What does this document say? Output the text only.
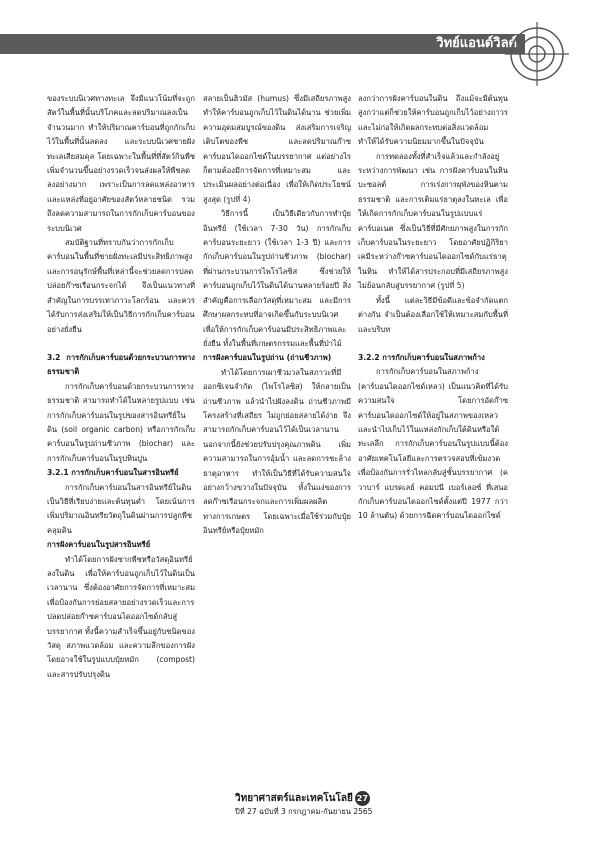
วิทย์แอนด์วิลด์

ของระบบนิเวศทางทะเล จึงมีแนวโน้มที่จะถูกสัตว์ในพื้นที่นั้นบริโภคและลดปริมาณลงเป็นจำนวนมาก ทำให้ปริมาณคาร์บอนที่ถูกกักเก็บไว้ในพื้นที่นั้นลดลง และระบบนิเวศชายฝั่งทะเลเสียสมดุล โดยเฉพาะในพื้นที่ที่สัตว์กินพืชเพิ่มจำนวนขึ้นอย่างรวดเร็วจนส่งผลให้พืชลดลงอย่างมาก เพราะเป็นการลดแหล่งอาหารและแหล่งที่อยู่อาศัยของสัตว์หลายชนิด รวมถึงลดความสามารถในการกักเก็บคาร์บอนของระบบนิเวศ

สมบัติฐานที่ทราบกันว่าการกักเก็บคาร์บอนในพื้นที่ชายฝั่งทะเลมีประสิทธิภาพสูง และการอนุรักษ์พื้นที่เหล่านี้จะช่วยลดการปลดปล่อยก๊าซเรือนกระจกได้ จึงเป็นแนวทางที่สำคัญในการบรรเทาภาวะโลกร้อน และควรได้รับการส่งเสริมให้เป็นวิธีการกักเก็บคาร์บอนอย่างยั่งยืน

3.2 การกักเก็บคาร์บอนด้วยกระบวนการทางธรรมชาติ

การกักเก็บคาร์บอนด้วยกระบวนการทางธรรมชาติ สามารถทำได้ในหลายรูปแบบ เช่น การกักเก็บคาร์บอนในรูปของสารอินทรีย์ในดิน (soil organic carbon) หรือการกักเก็บคาร์บอนในรูปถ่านชีวภาพ (biochar) และการกักเก็บคาร์บอนในรูปหินปูน

3.2.1 การกักเก็บคาร์บอนในสารอินทรีย์

การกักเก็บคาร์บอนในสารอินทรีย์ในดิน เป็นวิธีที่เรียบง่ายและต้นทุนต่ำ โดยเน้นการเพิ่มปริมาณอินทรียวัตถุในดินผ่านการปลูกพืชคลุมดิน

การฝังคาร์บอนในรูปสารอินทรีย์

ทำได้โดยการฝังซากพืชหรือวัสดุอินทรีย์ลงในดิน เพื่อให้คาร์บอนถูกเก็บไว้ในดินเป็นเวลานาน ซึ่งต้องอาศัยการจัดการที่เหมาะสมเพื่อป้องกันการย่อยสลายอย่างรวดเร็วและการปลดปล่อยก๊าซคาร์บอนไดออกไซด์กลับสู่บรรยากาศ ทั้งนี้ความสำเร็จขึ้นอยู่กับชนิดของวัสดุ สภาพแวดล้อม และความลึกของการฝัง โดยอาจใช้ในรูปแบบปุ๋ยหมัก (compost) และสารปรับปรุงดิน

สลายเป็นฮิวมัส (humus) ซึ่งมีเสถียรภาพสูง ทำให้คาร์บอนถูกเก็บไว้ในดินได้นาน ช่วยเพิ่มความอุดมสมบูรณ์ของดิน ส่งเสริมการเจริญเติบโตของพืช และลดปริมาณก๊าซคาร์บอนไดออกไซด์ในบรรยากาศ แต่อย่างไรก็ตามต้องมีการจัดการที่เหมาะสม และประเมินผลอย่างต่อเนื่อง เพื่อให้เกิดประโยชน์สูงสุด (รูปที่ 4)

วิธีการนี้ เป็นวิธีเดียวกับการทำปุ๋ยอินทรีย์ (ใช้เวลา 7-30 วัน) การกักเก็บคาร์บอนระยะยาว (ใช้เวลา 1-3 ปี) และการกักเก็บคาร์บอนในรูปถ่านชีวภาพ (biochar) ที่ผ่านกระบวนการไพโรไลซิส ซึ่งช่วยให้คาร์บอนถูกเก็บไว้ในดินได้นานหลายร้อยปี สิ่งสำคัญคือการเลือกวัสดุที่เหมาะสม และมีการศึกษาผลกระทบที่อาจเกิดขึ้นกับระบบนิเวศ เพื่อให้การกักเก็บคาร์บอนมีประสิทธิภาพและยั่งยืน ทั้งในพื้นที่เกษตรกรรมและพื้นที่ป่าไม้

การฝังคาร์บอนในรูปถ่าน (ถ่านชีวภาพ)

ทำได้โดยการเผาชีวมวลในสภาวะที่มีออกซิเจนจำกัด (ไพโรไลซิส) ให้กลายเป็นถ่านชีวภาพ แล้วนำไปฝังลงดิน ถ่านชีวภาพมีโครงสร้างที่เสถียร ไม่ถูกย่อยสลายได้ง่าย จึงสามารถกักเก็บคาร์บอนไว้ได้เป็นเวลานาน นอกจากนี้ยังช่วยปรับปรุงคุณภาพดิน เพิ่มความสามารถในการอุ้มน้ำ และลดการชะล้างธาตุอาหาร ทำให้เป็นวิธีที่ได้รับความสนใจอย่างกว้างขวางในปัจจุบัน ทั้งในแง่ของการลดก๊าซเรือนกระจกและการเพิ่มผลผลิตทางการเกษตร โดยเฉพาะเมื่อใช้ร่วมกับปุ๋ยอินทรีย์หรือปุ๋ยหมัก

ลงกว่าการฝังคาร์บอนในดิน ถึงแม้จะมีต้นทุนสูงกว่าแต่ก็ช่วยให้คาร์บอนถูกเก็บไว้อย่างถาวร และไม่ก่อให้เกิดผลกระทบต่อสิ่งแวดล้อม ทำให้ได้รับความนิยมมากขึ้นในปัจจุบัน

การทดลองทั้งที่สำเร็จแล้วและกำลังอยู่ระหว่างการพัฒนา เช่น การฝังคาร์บอนในหินบะซอลต์ การเร่งการผุพังของหินตามธรรมชาติ และการเติมแร่ธาตุลงในทะเล เพื่อให้เกิดการกักเก็บคาร์บอนในรูปแบบแร่คาร์บอเนต ซึ่งเป็นวิธีที่มีศักยภาพสูงในการกักเก็บคาร์บอนในระยะยาว โดยอาศัยปฏิกิริยาเคมีระหว่างก๊าซคาร์บอนไดออกไซด์กับแร่ธาตุในหิน ทำให้ได้สารประกอบที่มีเสถียรภาพสูง ไม่ย้อนกลับสู่บรรยากาศ (รูปที่ 5)

ทั้งนี้ แต่ละวิธีมีข้อดีและข้อจำกัดแตกต่างกัน จำเป็นต้องเลือกใช้ให้เหมาะสมกับพื้นที่และบริบท

3.2.2 การกักเก็บคาร์บอนในสภาพก้าง

การกักเก็บคาร์บอนในสภาพก้าง (คาร์บอนไดออกไซด์เหลว) เป็นแนวคิดที่ได้รับความสนใจ โดยการอัดก๊าซคาร์บอนไดออกไซด์ให้อยู่ในสภาพของเหลว และนำไปเก็บไว้ในแหล่งกักเก็บใต้ดินหรือใต้ทะเลลึก การกักเก็บคาร์บอนในรูปแบบนี้ต้องอาศัยเทคโนโลยีและการตรวจสอบที่เข้มงวด เพื่อป้องกันการรั่วไหลกลับสู่ชั้นบรรยากาศ (ควาบาร์ แบรดเลย์ คอมปนี เบอร์เลอซ์ ที่เสนอกักเก็บคาร์บอนไดออกไซด์ตั้งแต่ปี 1977 กว่า 10 ล้านตัน) ด้วยการฉีดคาร์บอนไดออกไซด์

วิทยาศาสตร์และเทคโนโลยี 27
ปีที่ 27 ฉบับที่ 3 กรกฎาคม-กันยายน 2565
